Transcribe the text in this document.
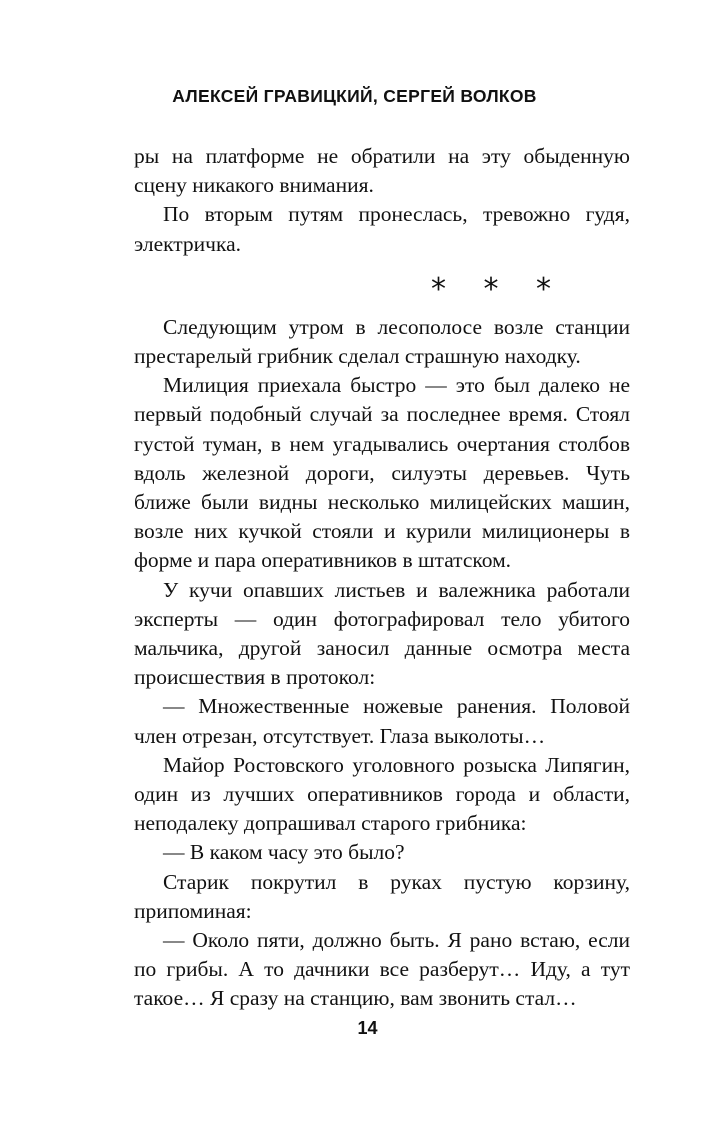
АЛЕКСЕЙ ГРАВИЦКИЙ, СЕРГЕЙ ВОЛКОВ

ры на платформе не обратили на эту обыденную сцену никакого внимания.

По вторым путям пронеслась, тревожно гудя, электричка.

* * *

Следующим утром в лесополосе возле станции престарелый грибник сделал страшную находку.

Милиция приехала быстро — это был далеко не первый подобный случай за последнее время. Стоял густой туман, в нем угадывались очертания столбов вдоль железной дороги, силуэты деревьев. Чуть ближе были видны несколько милицейских машин, возле них кучкой стояли и курили милиционеры в форме и пара оперативников в штатском.

У кучи опавших листьев и валежника работали эксперты — один фотографировал тело убитого мальчика, другой заносил данные осмотра места происшествия в протокол:

— Множественные ножевые ранения. Половой член отрезан, отсутствует. Глаза выколоты…

Майор Ростовского уголовного розыска Липягин, один из лучших оперативников города и области, неподалеку допрашивал старого грибника:

— В каком часу это было?

Старик покрутил в руках пустую корзину, припоминая:

— Около пяти, должно быть. Я рано встаю, если по грибы. А то дачники все разберут… Иду, а тут такое… Я сразу на станцию, вам звонить стал…

14
